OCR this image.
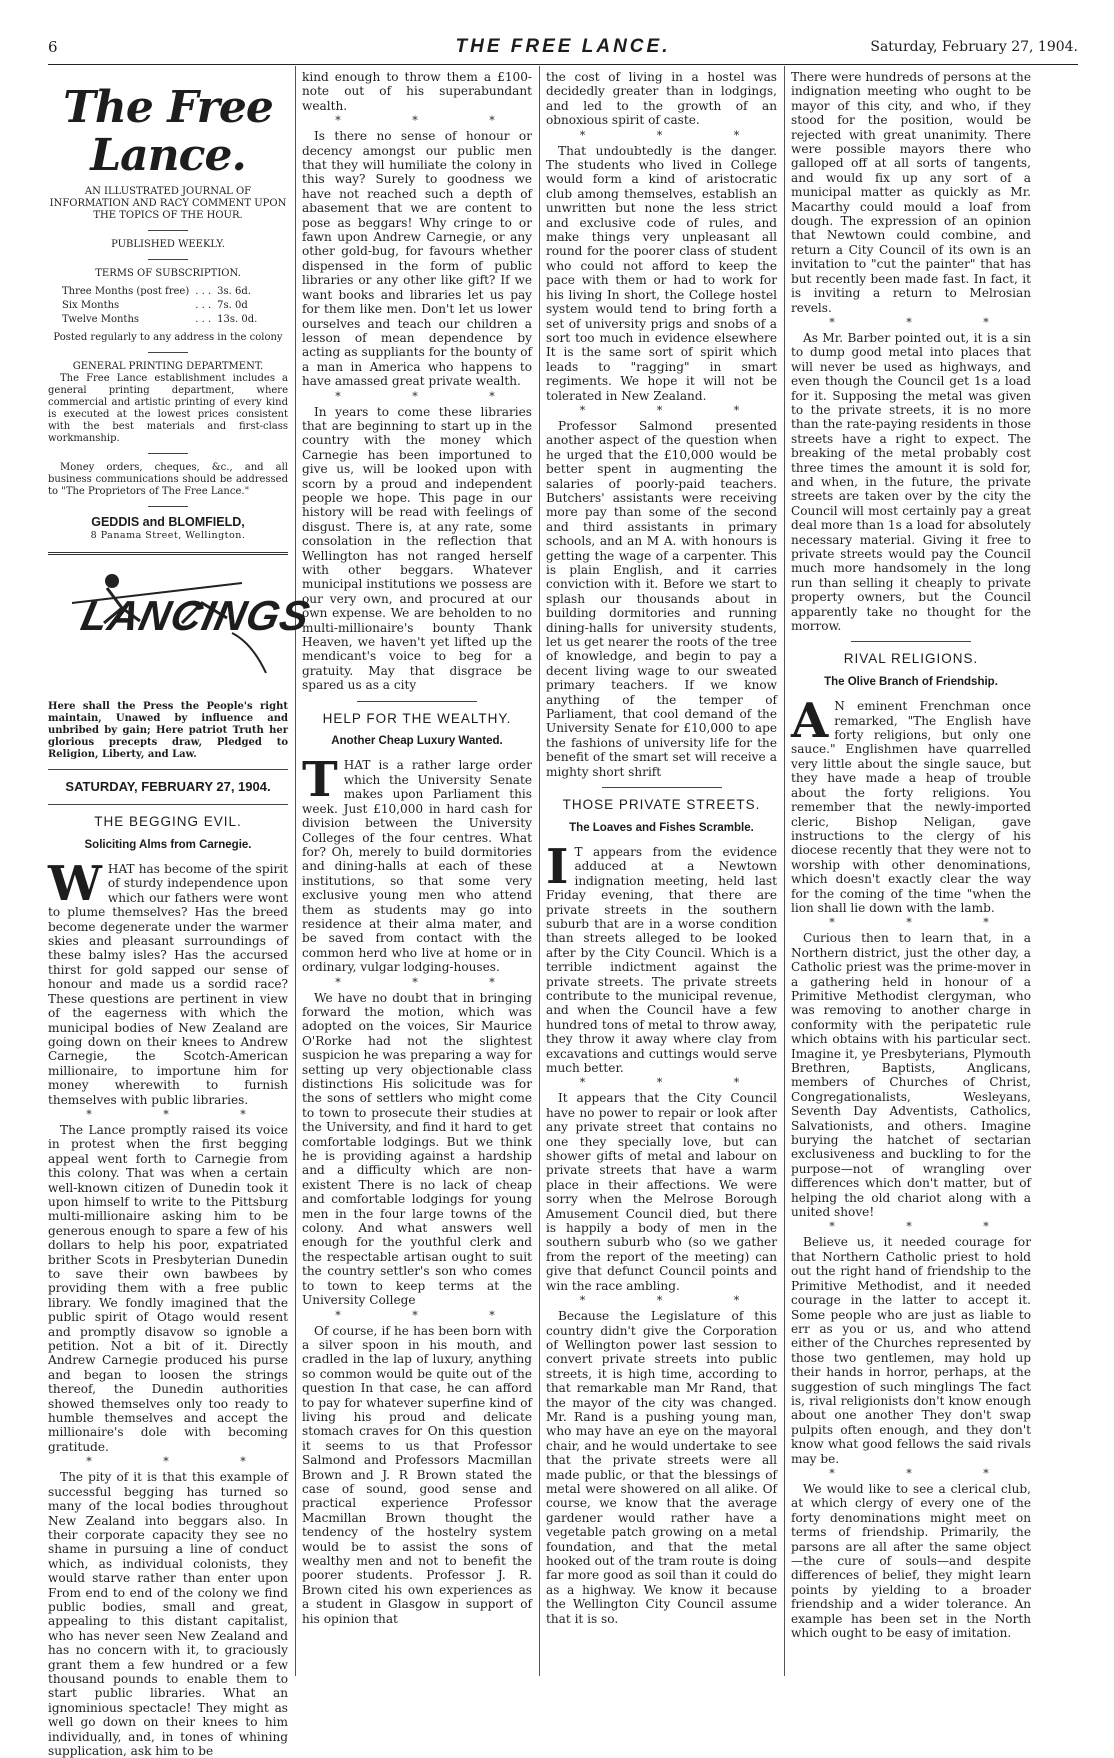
6	THE FREE LANCE.	Saturday, February 27, 1904.
The Free Lance.

AN ILLUSTRATED JOURNAL OF INFORMATION AND RACY COMMENT UPON THE TOPICS OF THE HOUR.

PUBLISHED WEEKLY.

TERMS OF SUBSCRIPTION.

Three Months (post free)	. . .	3s. 6d.
Six Months	. . .	7s. 0d
Twelve Months	. . .	13s. 0d.

Posted regularly to any address in the colony

GENERAL PRINTING DEPARTMENT.

The Free Lance establishment includes a general printing department, where commercial and artistic printing of every kind is executed at the lowest prices consistent with the best materials and first-class workmanship.

Money orders, cheques, &c., and all business communications should be addressed to "The Proprietors of The Free Lance."

GEDDIS and BLOMFIELD,
8 Panama Street, Wellington.
LANCINGS

Here shall the Press the People's right maintain, Unawed by influence and unbribed by gain; Here patriot Truth her glorious precepts draw, Pledged to Religion, Liberty, and Law.

SATURDAY, FEBRUARY 27, 1904.
THE BEGGING EVIL.
Soliciting Alms from Carnegie.

WHAT has become of the spirit of sturdy independence upon which our fathers were wont to plume themselves? Has the breed become degenerate under the warmer skies and pleasant surroundings of these balmy isles? Has the accursed thirst for gold sapped our sense of honour and made us a sordid race? These questions are pertinent in view of the eagerness with which the municipal bodies of New Zealand are going down on their knees to Andrew Carnegie, the Scotch-American millionaire, to importune him for money wherewith to furnish themselves with public libraries.

* * *

The Lance promptly raised its voice in protest when the first begging appeal went forth to Carnegie from this colony. That was when a certain well-known citizen of Dunedin took it upon himself to write to the Pittsburg multi-millionaire asking him to be generous enough to spare a few of his dollars to help his poor, expatriated brither Scots in Presbyterian Dunedin to save their own bawbees by providing them with a free public library. We fondly imagined that the public spirit of Otago would resent and promptly disavow so ignoble a petition. Not a bit of it. Directly Andrew Carnegie produced his purse and began to loosen the strings thereof, the Dunedin authorities showed themselves only too ready to humble themselves and accept the millionaire's dole with becoming gratitude.

* * *

The pity of it is that this example of successful begging has turned so many of the local bodies throughout New Zealand into beggars also. In their corporate capacity they see no shame in pursuing a line of conduct which, as individual colonists, they would starve rather than enter upon From end to end of the colony we find public bodies, small and great, appealing to this distant capitalist, who has never seen New Zealand and has no concern with it, to graciously grant them a few hundred or a few thousand pounds to enable them to start public libraries. What an ignominious spectacle! They might as well go down on their knees to him individually, and, in tones of whining supplication, ask him to be

kind enough to throw them a £100-note out of his superabundant wealth.

* * *

Is there no sense of honour or decency amongst our public men that they will humiliate the colony in this way? Surely to goodness we have not reached such a depth of abasement that we are content to pose as beggars! Why cringe to or fawn upon Andrew Carnegie, or any other gold-bug, for favours whether dispensed in the form of public libraries or any other like gift? If we want books and libraries let us pay for them like men. Don't let us lower ourselves and teach our children a lesson of mean dependence by acting as suppliants for the bounty of a man in America who happens to have amassed great private wealth.

* * *

In years to come these libraries that are beginning to start up in the country with the money which Carnegie has been importuned to give us, will be looked upon with scorn by a proud and independent people we hope. This page in our history will be read with feelings of disgust. There is, at any rate, some consolation in the reflection that Wellington has not ranged herself with other beggars. Whatever municipal institutions we possess are our very own, and procured at our own expense. We are beholden to no multi-millionaire's bounty Thank Heaven, we haven't yet lifted up the mendicant's voice to beg for a gratuity. May that disgrace be spared us as a city

HELP FOR THE WEALTHY.
Another Cheap Luxury Wanted.

THAT is a rather large order which the University Senate makes upon Parliament this week. Just £10,000 in hard cash for division between the University Colleges of the four centres. What for? Oh, merely to build dormitories and dining-halls at each of these institutions, so that some very exclusive young men who attend them as students may go into residence at their alma mater, and be saved from contact with the common herd who live at home or in ordinary, vulgar lodging-houses.

* * *

We have no doubt that in bringing forward the motion, which was adopted on the voices, Sir Maurice O'Rorke had not the slightest suspicion he was preparing a way for setting up very objectionable class distinctions His solicitude was for the sons of settlers who might come to town to prosecute their studies at the University, and find it hard to get comfortable lodgings. But we think he is providing against a hardship and a difficulty which are non-existent There is no lack of cheap and comfortable lodgings for young men in the four large towns of the colony. And what answers well enough for the youthful clerk and the respectable artisan ought to suit the country settler's son who comes to town to keep terms at the University College

* * *

Of course, if he has been born with a silver spoon in his mouth, and cradled in the lap of luxury, anything so common would be quite out of the question In that case, he can afford to pay for whatever superfine kind of living his proud and delicate stomach craves for On this question it seems to us that Professor Salmond and Professors Macmillan Brown and J. R Brown stated the case of sound, good sense and practical experience Professor Macmillan Brown thought the tendency of the hostelry system would be to assist the sons of wealthy men and not to benefit the poorer students. Professor J. R. Brown cited his own experiences as a student in Glasgow in support of his opinion that

the cost of living in a hostel was decidedly greater than in lodgings, and led to the growth of an obnoxious spirit of caste.

* * *

That undoubtedly is the danger. The students who lived in College would form a kind of aristocratic club among themselves, establish an unwritten but none the less strict and exclusive code of rules, and make things very unpleasant all round for the poorer class of student who could not afford to keep the pace with them or had to work for his living In short, the College hostel system would tend to bring forth a set of university prigs and snobs of a sort too much in evidence elsewhere It is the same sort of spirit which leads to "ragging" in smart regiments. We hope it will not be tolerated in New Zealand.

* * *

Professor Salmond presented another aspect of the question when he urged that the £10,000 would be better spent in augmenting the salaries of poorly-paid teachers. Butchers' assistants were receiving more pay than some of the second and third assistants in primary schools, and an M A. with honours is getting the wage of a carpenter. This is plain English, and it carries conviction with it. Before we start to splash our thousands about in building dormitories and running dining-halls for university students, let us get nearer the roots of the tree of knowledge, and begin to pay a decent living wage to our sweated primary teachers. If we know anything of the temper of Parliament, that cool demand of the University Senate for £10,000 to ape the fashions of university life for the benefit of the smart set will receive a mighty short shrift

THOSE PRIVATE STREETS.
The Loaves and Fishes Scramble.

I T appears from the evidence adduced at a Newtown indignation meeting, held last Friday evening, that there are private streets in the southern suburb that are in a worse condition than streets alleged to be looked after by the City Council. Which is a terrible indictment against the private streets. The private streets contribute to the municipal revenue, and when the Council have a few hundred tons of metal to throw away, they throw it away where clay from excavations and cuttings would serve much better.

* * *

It appears that the City Council have no power to repair or look after any private street that contains no one they specially love, but can shower gifts of metal and labour on private streets that have a warm place in their affections. We were sorry when the Melrose Borough Amusement Council died, but there is happily a body of men in the southern suburb who (so we gather from the report of the meeting) can give that defunct Council points and win the race ambling.

* * *

Because the Legislature of this country didn't give the Corporation of Wellington power last session to convert private streets into public streets, it is high time, according to that remarkable man Mr Rand, that the mayor of the city was changed. Mr. Rand is a pushing young man, who may have an eye on the mayoral chair, and he would undertake to see that the private streets were all made public, or that the blessings of metal were showered on all alike. Of course, we know that the average gardener would rather have a vegetable patch growing on a metal foundation, and that the metal hooked out of the tram route is doing far more good as soil than it could do as a highway. We know it because the Wellington City Council assume that it is so.

There were hundreds of persons at the indignation meeting who ought to be mayor of this city, and who, if they stood for the position, would be rejected with great unanimity. There were possible mayors there who galloped off at all sorts of tangents, and would fix up any sort of a municipal matter as quickly as Mr. Macarthy could mould a loaf from dough. The expression of an opinion that Newtown could combine, and return a City Council of its own is an invitation to "cut the painter" that has but recently been made fast. In fact, it is inviting a return to Melrosian revels.

* * *

As Mr. Barber pointed out, it is a sin to dump good metal into places that will never be used as highways, and even though the Council get 1s a load for it. Supposing the metal was given to the private streets, it is no more than the rate-paying residents in those streets have a right to expect. The breaking of the metal probably cost three times the amount it is sold for, and when, in the future, the private streets are taken over by the city the Council will most certainly pay a great deal more than 1s a load for absolutely necessary material. Giving it free to private streets would pay the Council much more handsomely in the long run than selling it cheaply to private property owners, but the Council apparently take no thought for the morrow.

RIVAL RELIGIONS.
The Olive Branch of Friendship.

A N eminent Frenchman once remarked, "The English have forty religions, but only one sauce." Englishmen have quarrelled very little about the single sauce, but they have made a heap of trouble about the forty religions. You remember that the newly-imported cleric, Bishop Neligan, gave instructions to the clergy of his diocese recently that they were not to worship with other denominations, which doesn't exactly clear the way for the coming of the time "when the lion shall lie down with the lamb.

* * *

Curious then to learn that, in a Northern district, just the other day, a Catholic priest was the prime-mover in a gathering held in honour of a Primitive Methodist clergyman, who was removing to another charge in conformity with the peripatetic rule which obtains with his particular sect. Imagine it, ye Presbyterians, Plymouth Brethren, Baptists, Anglicans, members of Churches of Christ, Congregationalists, Wesleyans, Seventh Day Adventists, Catholics, Salvationists, and others. Imagine burying the hatchet of sectarian exclusiveness and buckling to for the purpose—not of wrangling over differences which don't matter, but of helping the old chariot along with a united shove!

* * *

Believe us, it needed courage for that Northern Catholic priest to hold out the right hand of friendship to the Primitive Methodist, and it needed courage in the latter to accept it. Some people who are just as liable to err as you or us, and who attend either of the Churches represented by those two gentlemen, may hold up their hands in horror, perhaps, at the suggestion of such minglings The fact is, rival religionists don't know enough about one another They don't swap pulpits often enough, and they don't know what good fellows the said rivals may be.

* * *

We would like to see a clerical club, at which clergy of every one of the forty denominations might meet on terms of friendship. Primarily, the parsons are all after the same object —the cure of souls—and despite differences of belief, they might learn points by yielding to a broader friendship and a wider tolerance. An example has been set in the North which ought to be easy of imitation.
